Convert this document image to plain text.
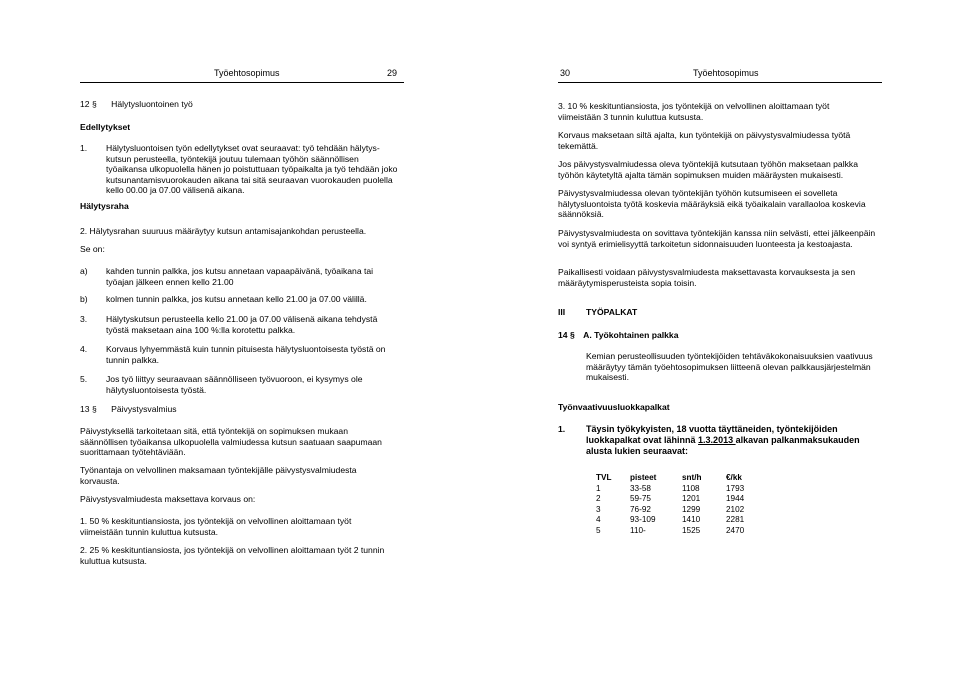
Työehtosopimus	29
12 § Hälytysluontoinen työ
Edellytykset
1. Hälytysluontoisen työn edellytykset ovat seuraavat: työ tehdään hälytys-kutsun perusteella, työntekijä joutuu tulemaan työhön säännöllisen työaikansa ulkopuolella hänen jo poistuttuaan työpaikalta ja työ tehdään joko kutsunantamisvuorokauden aikana tai sitä seuraavan vuorokauden puolella kello 00.00 ja 07.00 välisenä aikana.

Hälytysraha

2. Hälytysrahan suuruus määräytyy kutsun antamisajankohdan perusteella.

Se on:

a) kahden tunnin palkka, jos kutsu annetaan vapaapäivänä, työaikana tai työajan jälkeen ennen kello 21.00

b) kolmen tunnin palkka, jos kutsu annetaan kello 21.00 ja 07.00 välillä.

3. Hälytyskutsun perusteella kello 21.00 ja 07.00 välisenä aikana tehdystä työstä maksetaan aina 100 %:lla korotettu palkka.

4. Korvaus lyhyemmästä kuin tunnin pituisesta hälytysluontoisesta työstä on tunnin palkka.

5. Jos työ liittyy seuraavaan säännölliseen työvuoroon, ei kysymys ole hälytysluontoisesta työstä.

13 § Päivystysvalmius

Päivystyksellä tarkoitetaan sitä, että työntekijä on sopimuksen mukaan säännöllisen työaikansa ulkopuolella valmiudessa kutsun saatuaan saapumaan suorittamaan työtehtäviään.

Työnantaja on velvollinen maksamaan työntekijälle päivystysvalmiudesta korvausta.

Päivystysvalmiudesta maksettava korvaus on:

1. 50 % keskituntiansiosta, jos työntekijä on velvollinen aloittamaan työt viimeistään tunnin kuluttua kutsusta.

2. 25 % keskituntiansiosta, jos työntekijä on velvollinen aloittamaan työt 2 tunnin kuluttua kutsusta.

30	Työehtosopimus

3. 10 % keskituntiansiosta, jos työntekijä on velvollinen aloittamaan työt viimeistään 3 tunnin kuluttua kutsusta.

Korvaus maksetaan siltä ajalta, kun työntekijä on päivystysvalmiudessa työtä tekemättä.

Jos päivystysvalmiudessa oleva työntekijä kutsutaan työhön maksetaan palkka työhön käytetyltä ajalta tämän sopimuksen muiden määräysten mukaisesti.

Päivystysvalmiudessa olevan työntekijän työhön kutsumiseen ei sovelleta hälytysluontoista työtä koskevia määräyksiä eikä työaikalain varallaoloa koskevia säännöksiä.

Päivystysvalmiudesta on sovittava työntekijän kanssa niin selvästi, ettei jälkeenpäin voi syntyä erimielisyyttä tarkoitetun sidonnaisuuden luonteesta ja kestoajasta.

Paikallisesti voidaan päivystysvalmiudesta maksettavasta korvauksesta ja sen määräytymisperusteista sopia toisin.

III TYÖPALKAT
14 § A. Työkohtainen palkka

Kemian perusteollisuuden työntekijöiden tehtäväkokonaisuuksien vaativuus määräytyy tämän työehtosopimuksen liitteenä olevan palkkausjärjestelmän mukaisesti.

Työnvaativuusluokkapalkat
1. Täysin työkykyisten, 18 vuotta täyttäneiden, työntekijöiden
luokkapalkat ovat lähinnä 1.3.2013 alkavan palkanmaksukauden
alusta lukien seuraavat:
TVL	pisteet	snt/h	€/kk
1	33-58	1108	1793
2	59-75	1201	1944
3	76-92	1299	2102
4	93-109	1410	2281
5	110-	1525	2470
